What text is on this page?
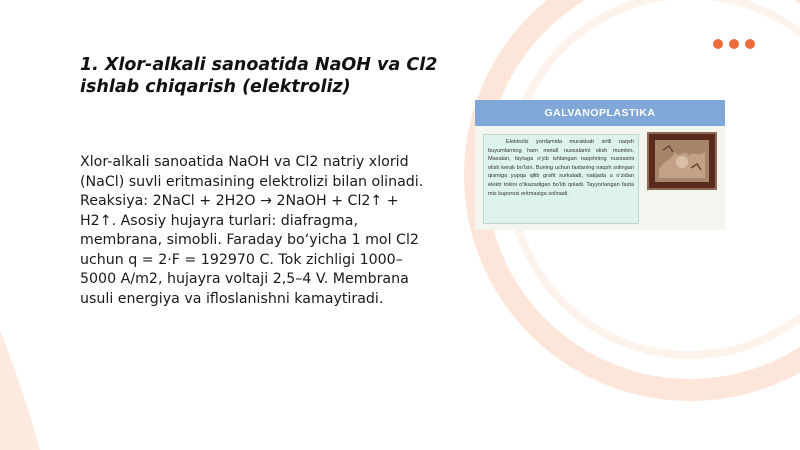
1. Xlor-alkali sanoatida NaOH va Cl2 ishlab chiqarish (elektroliz)

Xlor-alkali sanoatida NaOH va Cl2 natriy xlorid (NaCl) suvli eritmasining elektrolizi bilan olinadi. Reaksiya: 2NaCl + 2H2O → 2NaOH + Cl2↑ + H2↑. Asosiy hujayra turlari: diafragma, membrana, simobli. Faraday bo‘yicha 1 mol Cl2 uchun q = 2·F = 192970 C. Tok zichligi 1000–5000 A/m2, hujayra voltaji 2,5–4 V. Membrana usuli energiya va ifloslanishni kamaytiradi.

GALVANOPLASTIKA

Elektroliz yordamida murakkab sirtli naqsh buyumlarning ham metall nusxalarini olish mumkin. Masalan, faytaga o‘yib ishlangan naqshning nusxasini olish kerak bo‘lsin. Buning uchun faxtaning naqsh solingan qismiga yupqa qilib grafit surkaladi, natijada u o‘zidan elektr tokini o‘tkazadigan bo‘lib qoladi. Tayyorlangan faxta mis kuporosi eritmasiga solinadi.
